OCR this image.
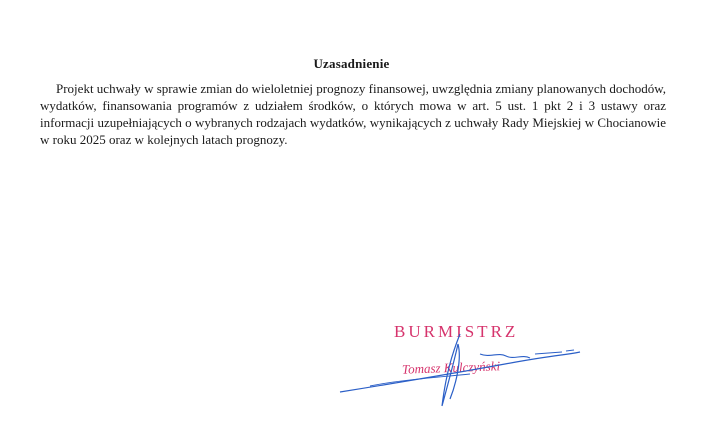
Uzasadnienie
Projekt uchwały w sprawie zmian do wieloletniej prognozy finansowej, uwzględnia zmiany planowanych dochodów, wydatków, finansowania programów z udziałem środków, o których mowa w art. 5 ust. 1 pkt 2 i 3 ustawy oraz informacji uzupełniających o wybranych rodzajach wydatków, wynikających z uchwały Rady Miejskiej w Chocianowie w roku 2025 oraz w kolejnych latach prognozy.
BURMISTRZ
Tomasz Kulczyński
